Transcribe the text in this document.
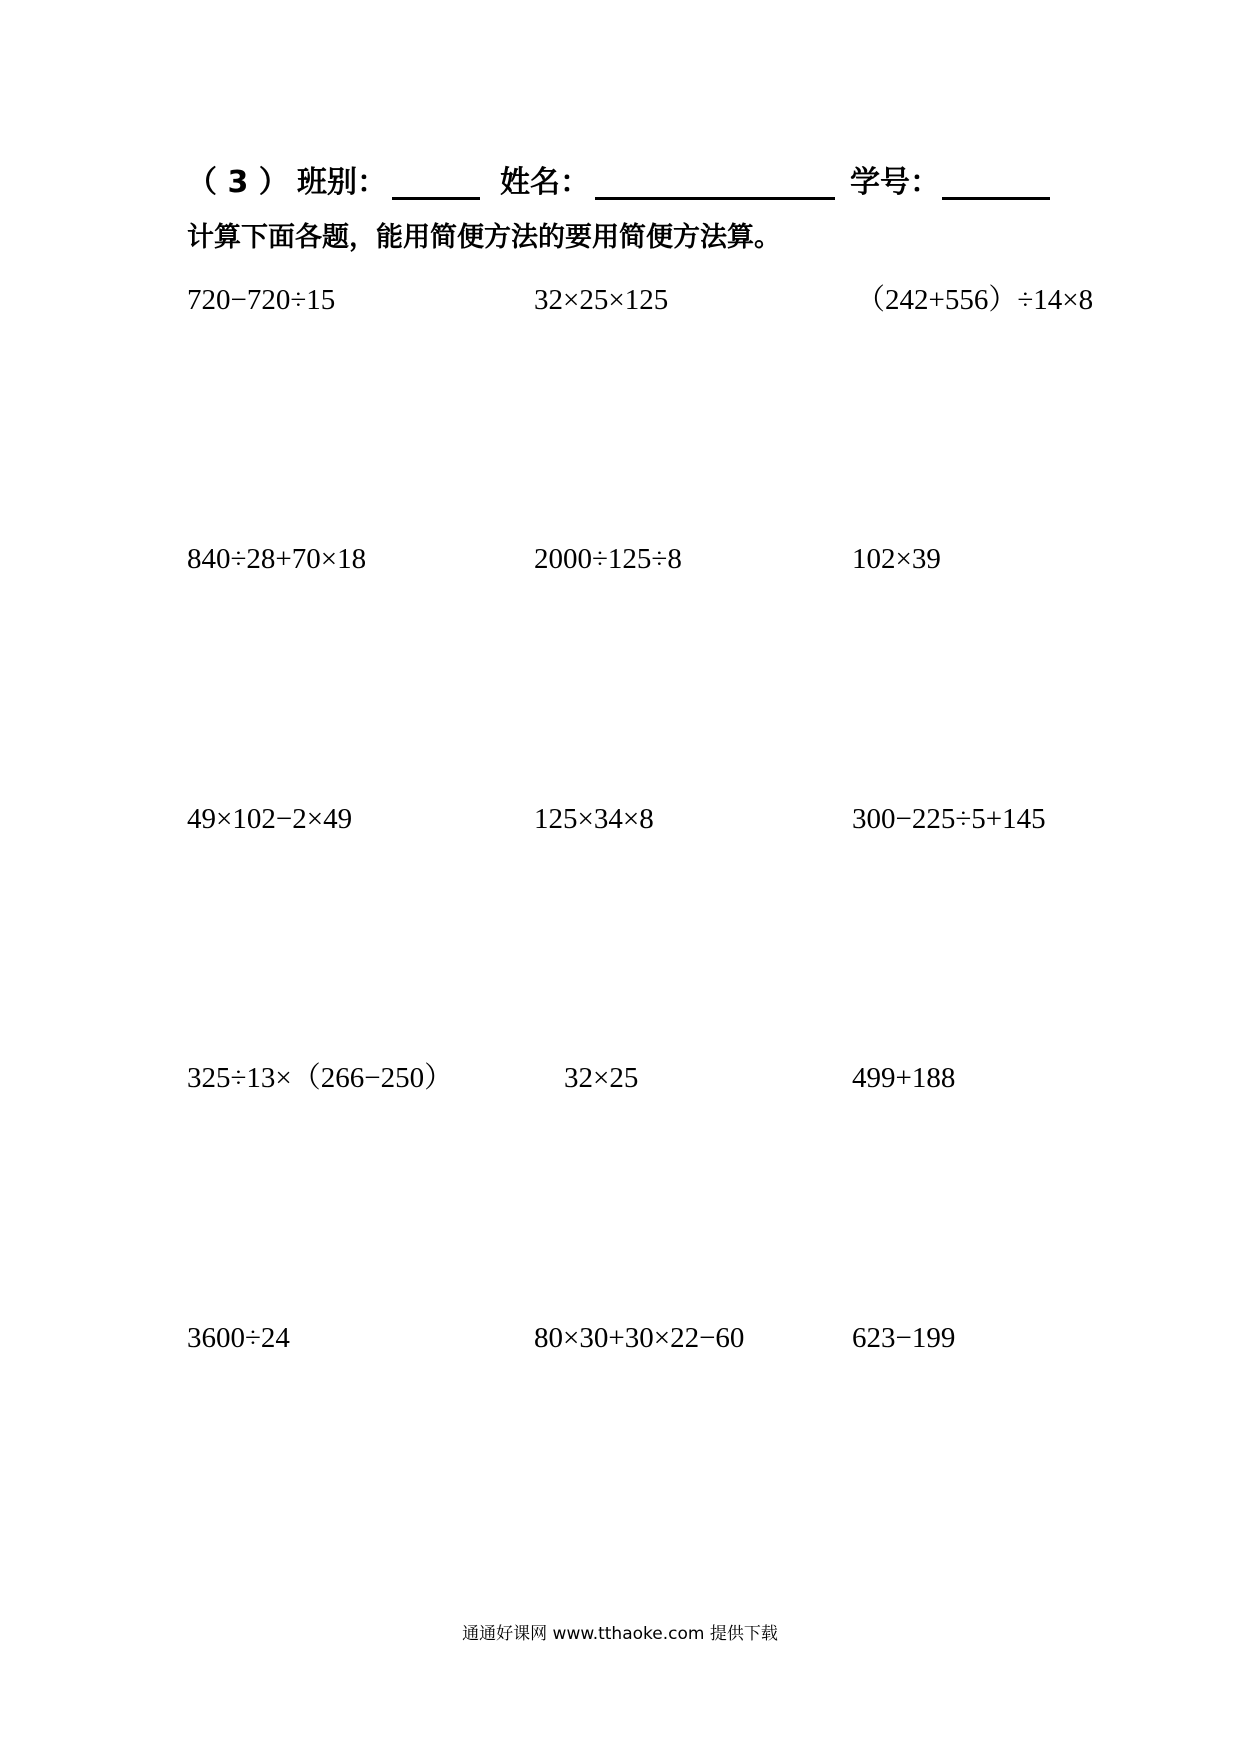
（ 3 ） 班别：	姓名：	学号：
计算下面各题，能用简便方法的要用简便方法算。
720−720÷15	32×25×125	（242+556）÷14×8
840÷28+70×18	2000÷125÷8	102×39
49×102−2×49	125×34×8	300−225÷5+145
325÷13×（266−250）	32×25	499+188
3600÷24	80×30+30×22−60	623−199
通通好课网 www.tthaoke.com 提供下载
